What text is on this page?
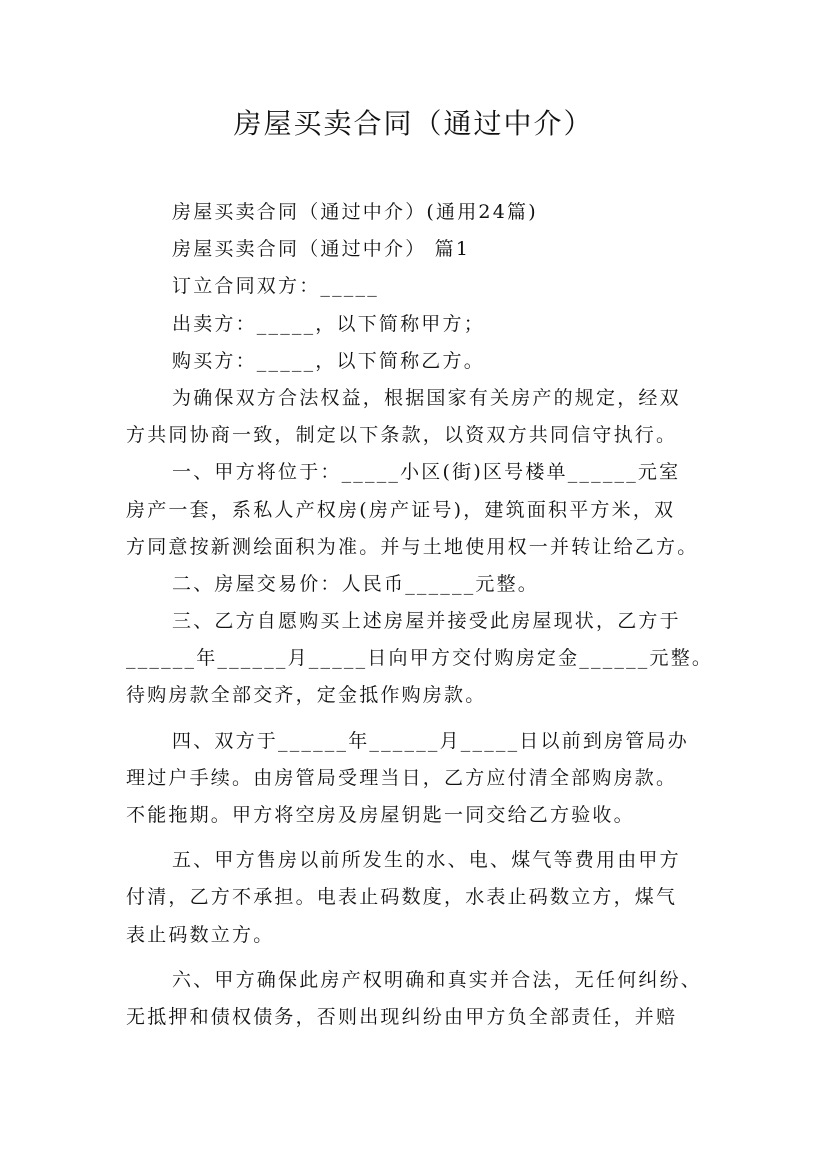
房屋买卖合同（通过中介）
房屋买卖合同（通过中介）(通用24篇)
房屋买卖合同（通过中介） 篇1
订立合同双方：_____
出卖方：_____，以下简称甲方；
购买方：_____，以下简称乙方。
为确保双方合法权益，根据国家有关房产的规定，经双
方共同协商一致，制定以下条款，以资双方共同信守执行。
一、甲方将位于：_____小区(街)区号楼单______元室
房产一套，系私人产权房(房产证号)，建筑面积平方米，双
方同意按新测绘面积为准。并与土地使用权一并转让给乙方。
二、房屋交易价：人民币______元整。
三、乙方自愿购买上述房屋并接受此房屋现状，乙方于
______年______月_____日向甲方交付购房定金______元整。
待购房款全部交齐，定金抵作购房款。
四、双方于______年______月_____日以前到房管局办
理过户手续。由房管局受理当日，乙方应付清全部购房款。
不能拖期。甲方将空房及房屋钥匙一同交给乙方验收。
五、甲方售房以前所发生的水、电、煤气等费用由甲方
付清，乙方不承担。电表止码数度，水表止码数立方，煤气
表止码数立方。
六、甲方确保此房产权明确和真实并合法，无任何纠纷、
无抵押和债权债务，否则出现纠纷由甲方负全部责任，并赔
